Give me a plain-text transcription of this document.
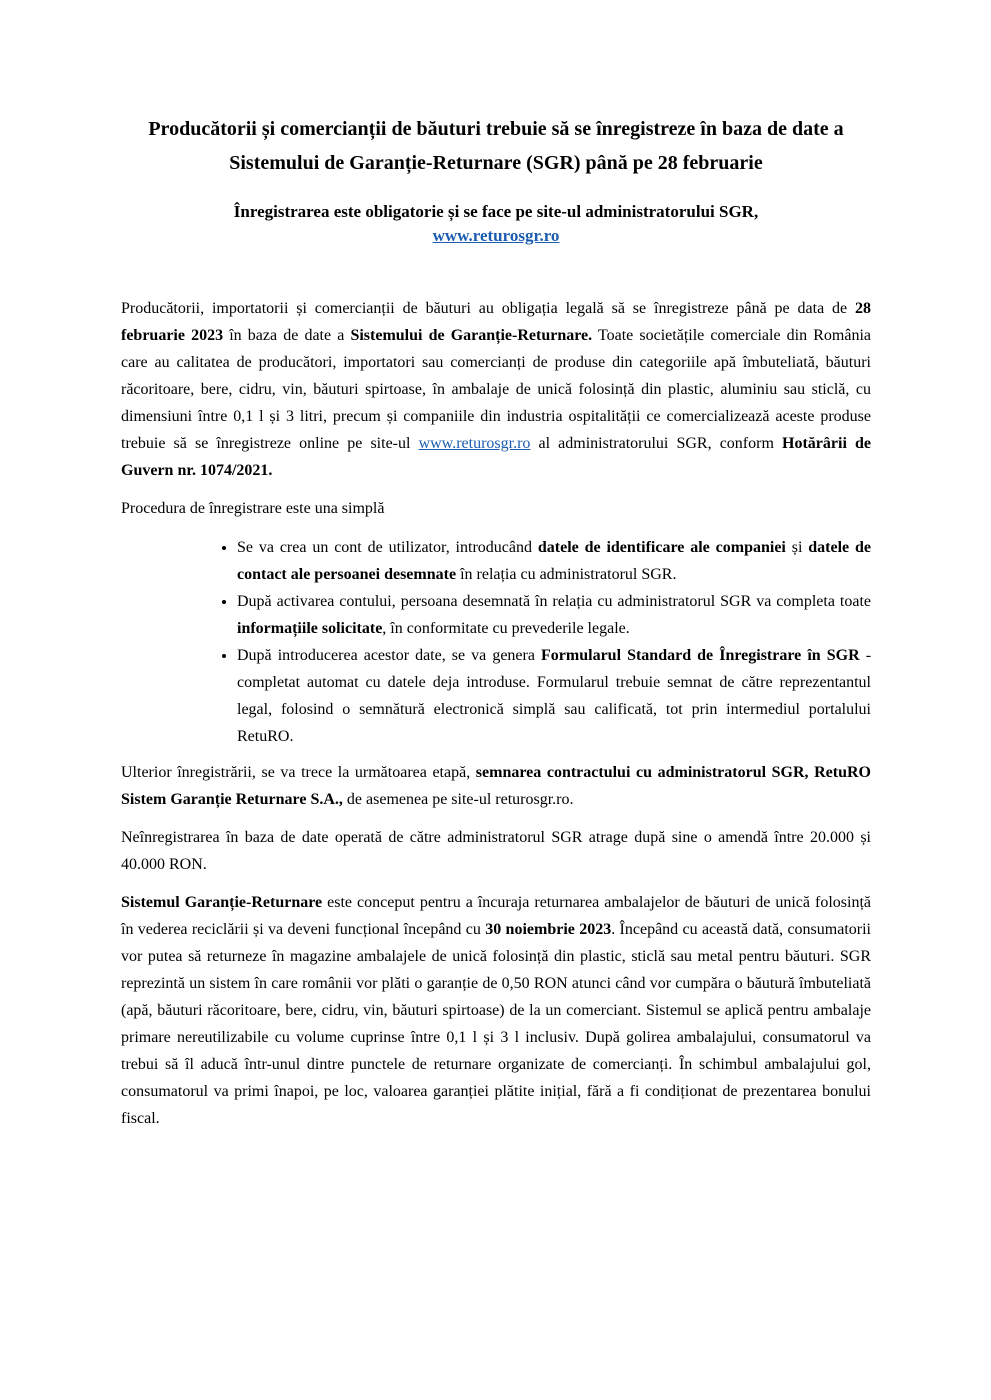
Producătorii și comercianții de băuturi trebuie să se înregistreze în baza de date a Sistemului de Garanție-Returnare (SGR) până pe 28 februarie
Înregistrarea este obligatorie și se face pe site-ul administratorului SGR,
www.returosgr.ro

Producătorii, importatorii și comercianții de băuturi au obligația legală să se înregistreze până pe data de 28 februarie 2023 în baza de date a Sistemului de Garanție-Returnare. Toate societățile comerciale din România care au calitatea de producători, importatori sau comercianți de produse din categoriile apă îmbuteliată, băuturi răcoritoare, bere, cidru, vin, băuturi spirtoase, în ambalaje de unică folosință din plastic, aluminiu sau sticlă, cu dimensiuni între 0,1 l și 3 litri, precum și companiile din industria ospitalității ce comercializează aceste produse trebuie să se înregistreze online pe site-ul www.returosgr.ro al administratorului SGR, conform Hotărârii de Guvern nr. 1074/2021.

Procedura de înregistrare este una simplă

• Se va crea un cont de utilizator, introducând datele de identificare ale companiei și datele de contact ale persoanei desemnate în relația cu administratorul SGR.
• După activarea contului, persoana desemnată în relația cu administratorul SGR va completa toate informațiile solicitate, în conformitate cu prevederile legale.
• După introducerea acestor date, se va genera Formularul Standard de Înregistrare în SGR - completat automat cu datele deja introduse. Formularul trebuie semnat de către reprezentantul legal, folosind o semnătură electronică simplă sau calificată, tot prin intermediul portalului RetuRO.

Ulterior înregistrării, se va trece la următoarea etapă, semnarea contractului cu administratorul SGR, RetuRO Sistem Garanție Returnare S.A., de asemenea pe site-ul returosgr.ro.

Neînregistrarea în baza de date operată de către administratorul SGR atrage după sine o amendă între 20.000 și 40.000 RON.

Sistemul Garanție-Returnare este conceput pentru a încuraja returnarea ambalajelor de băuturi de unică folosință în vederea reciclării și va deveni funcțional începând cu 30 noiembrie 2023. Începând cu această dată, consumatorii vor putea să returneze în magazine ambalajele de unică folosință din plastic, sticlă sau metal pentru băuturi. SGR reprezintă un sistem în care românii vor plăti o garanție de 0,50 RON atunci când vor cumpăra o băutură îmbuteliată (apă, băuturi răcoritoare, bere, cidru, vin, băuturi spirtoase) de la un comerciant. Sistemul se aplică pentru ambalaje primare nereutilizabile cu volume cuprinse între 0,1 l și 3 l inclusiv. După golirea ambalajului, consumatorul va trebui să îl aducă într-unul dintre punctele de returnare organizate de comercianți. În schimbul ambalajului gol, consumatorul va primi înapoi, pe loc, valoarea garanției plătite inițial, fără a fi condiționat de prezentarea bonului fiscal.
